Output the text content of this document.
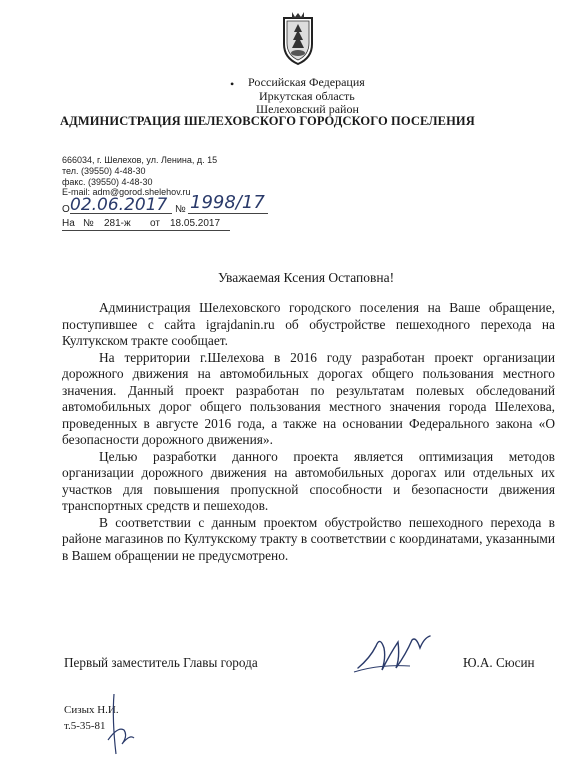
• Российская Федерация
Иркутская область
Шелеховский район
АДМИНИСТРАЦИЯ ШЕЛЕХОВСКОГО ГОРОДСКОГО ПОСЕЛЕНИЯ
666034, г. Шелехов, ул. Ленина, д. 15
тел. (39550) 4-48-30
факс. (39550) 4-48-30
E-mail: adm@gorod.shelehov.ru
О 02.06.2017 № 1998/17
На № 281-ж от 18.05.2017
Уважаемая Ксения Остаповна!

Администрация Шелеховского городского поселения на Ваше обращение, поступившее с сайта igrajdanin.ru об обустройстве пешеходного перехода на Култукском тракте сообщает.

На территории г.Шелехова в 2016 году разработан проект организации дорожного движения на автомобильных дорогах общего пользования местного значения. Данный проект разработан по результатам полевых обследований автомобильных дорог общего пользования местного значения города Шелехова, проведенных в августе 2016 года, а также на основании Федерального закона «О безопасности дорожного движения».

Целью разработки данного проекта является оптимизация методов организации дорожного движения на автомобильных дорогах или отдельных их участков для повышения пропускной способности и безопасности движения транспортных средств и пешеходов.

В соответствии с данным проектом обустройство пешеходного перехода в районе магазинов по Култукскому тракту в соответствии с координатами, указанными в Вашем обращении не предусмотрено.

Первый заместитель Главы города	Ю.А. Сюсин
Сизых Н.И.
т.5-35-81
